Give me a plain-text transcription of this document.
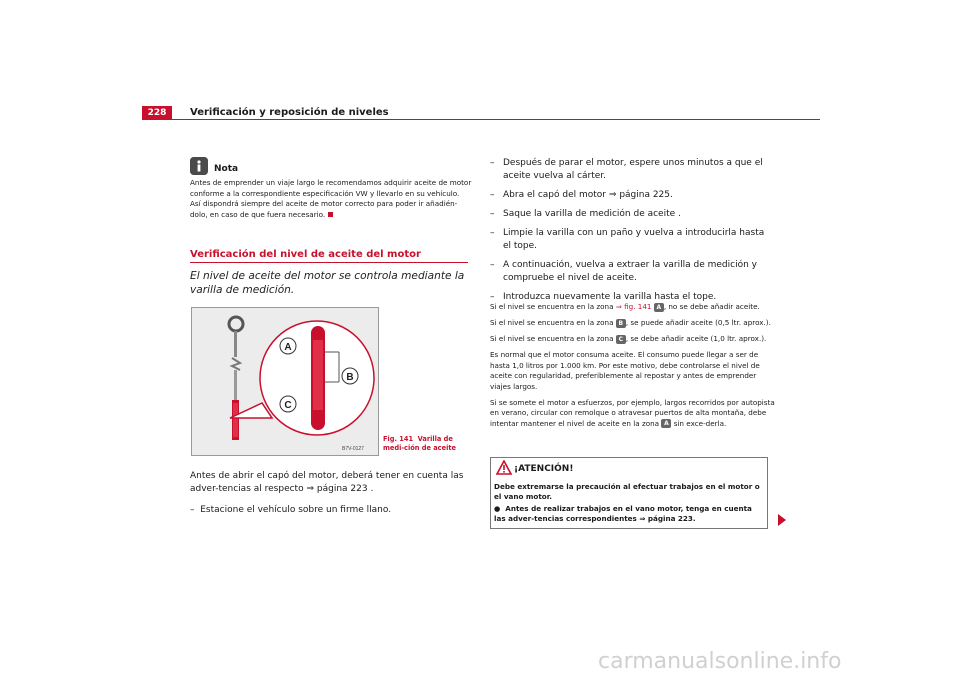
228	Verificación y reposición de niveles
Nota
Antes de emprender un viaje largo le recomendamos adquirir aceite de motor conforme a la correspondiente especificación VW y llevarlo en su vehículo. Así dispondrá siempre del aceite de motor correcto para poder ir añadién-dolo, en caso de que fuera necesario.
Verificación del nivel de aceite del motor
El nivel de aceite del motor se controla mediante la varilla de medición.
A
B
C
B7V-0127
Fig. 141 Varilla de medi-ción de aceite
Antes de abrir el capó del motor, deberá tener en cuenta las adver-tencias al respecto ⇒ página 223 .
–  Estacione el vehículo sobre un firme llano.
– Después de parar el motor, espere unos minutos a que el aceite vuelva al cárter.
– Abra el capó del motor ⇒ página 225.
– Saque la varilla de medición de aceite .
– Limpie la varilla con un paño y vuelva a introducirla hasta el tope.
– A continuación, vuelva a extraer la varilla de medición y compruebe el nivel de aceite.
– Introduzca nuevamente la varilla hasta el tope.

Si el nivel se encuentra en la zona ⇒ fig. 141 A , no se debe añadir aceite.

Si el nivel se encuentra en la zona B , se puede añadir aceite (0,5 ltr. aprox.).

Si el nivel se encuentra en la zona C , se debe añadir aceite (1,0 ltr. aprox.).

Es normal que el motor consuma aceite. El consumo puede llegar a ser de hasta 1,0 litros por 1.000 km. Por este motivo, debe controlarse el nivel de aceite con regularidad, preferiblemente al repostar y antes de emprender viajes largos.

Si se somete el motor a esfuerzos, por ejemplo, largos recorridos por autopista en verano, circular con remolque o atravesar puertos de alta montaña, debe intentar mantener el nivel de aceite en la zona A sin exce-derla.

¡ATENCIÓN!
Debe extremarse la precaución al efectuar trabajos en el motor o el vano motor.
● Antes de realizar trabajos en el vano motor, tenga en cuenta las adver-tencias correspondientes ⇒ página 223.
carmanualsonline.info
